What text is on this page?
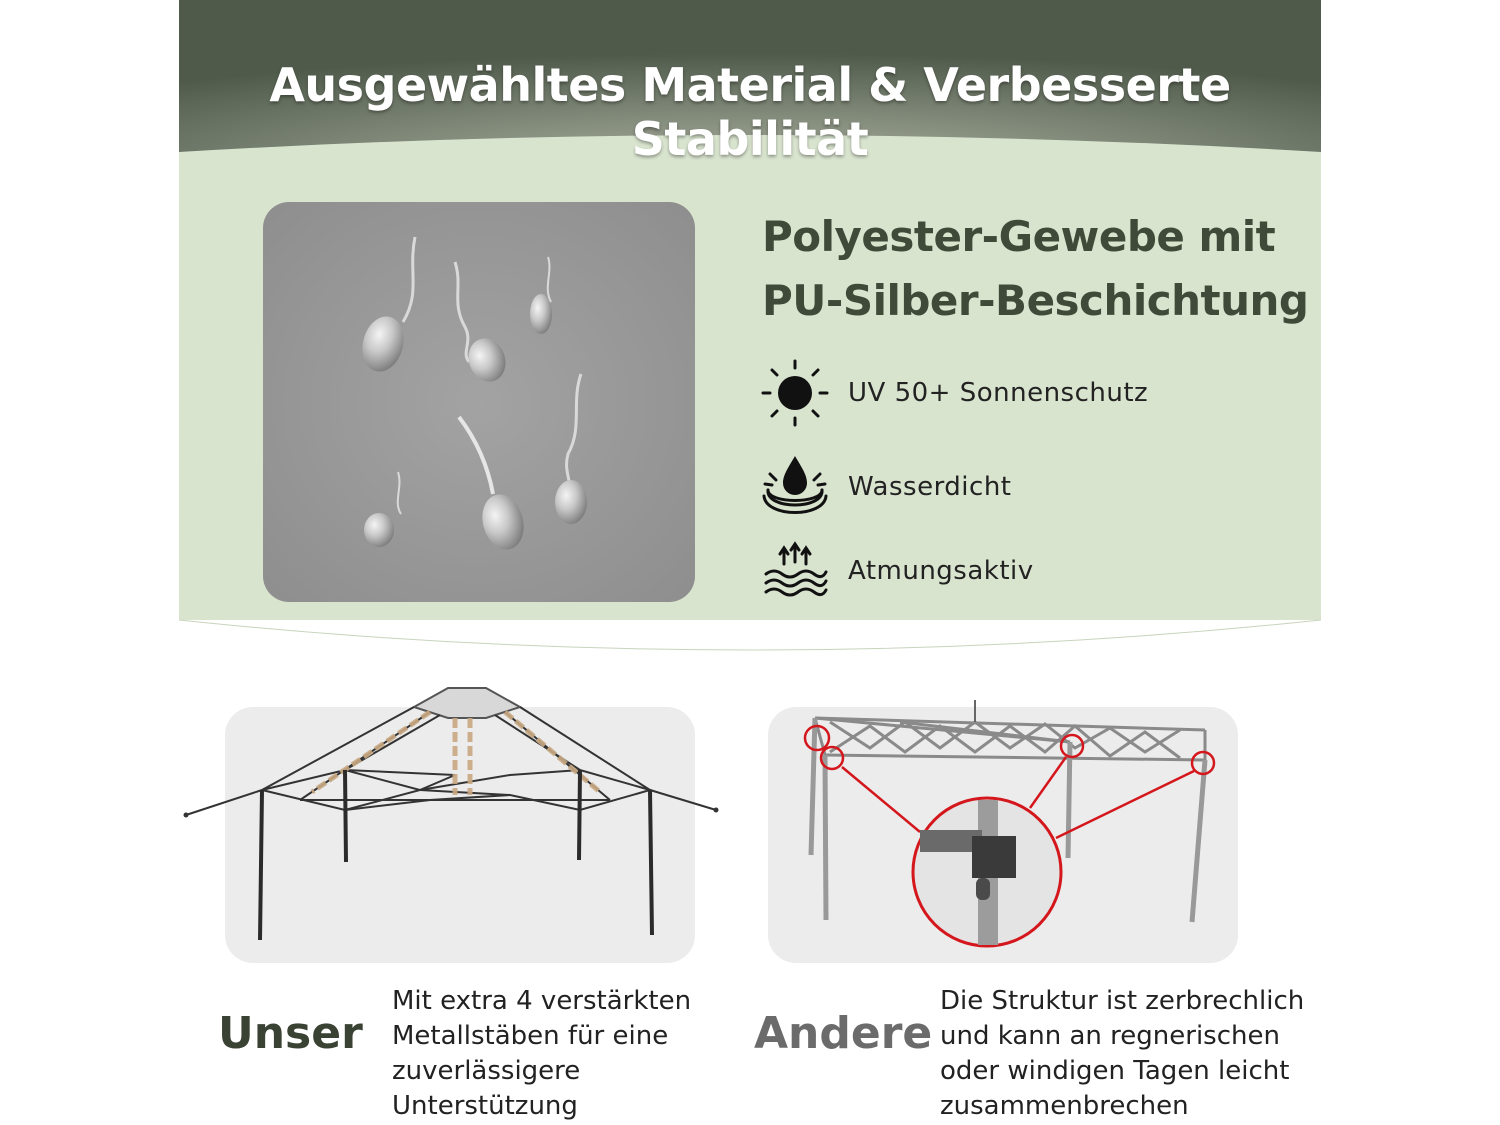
Ausgewähltes Material & Verbesserte Stabilität
Polyester-Gewebe mit
PU-Silber-Beschichtung
UV 50+ Sonnenschutz
Wasserdicht
Atmungsaktiv
Unser
Mit extra 4 verstärkten
Metallstäben für eine
zuverlässigere
Unterstützung
Andere
Die Struktur ist zerbrechlich
und kann an regnerischen
oder windigen Tagen leicht
zusammenbrechen
